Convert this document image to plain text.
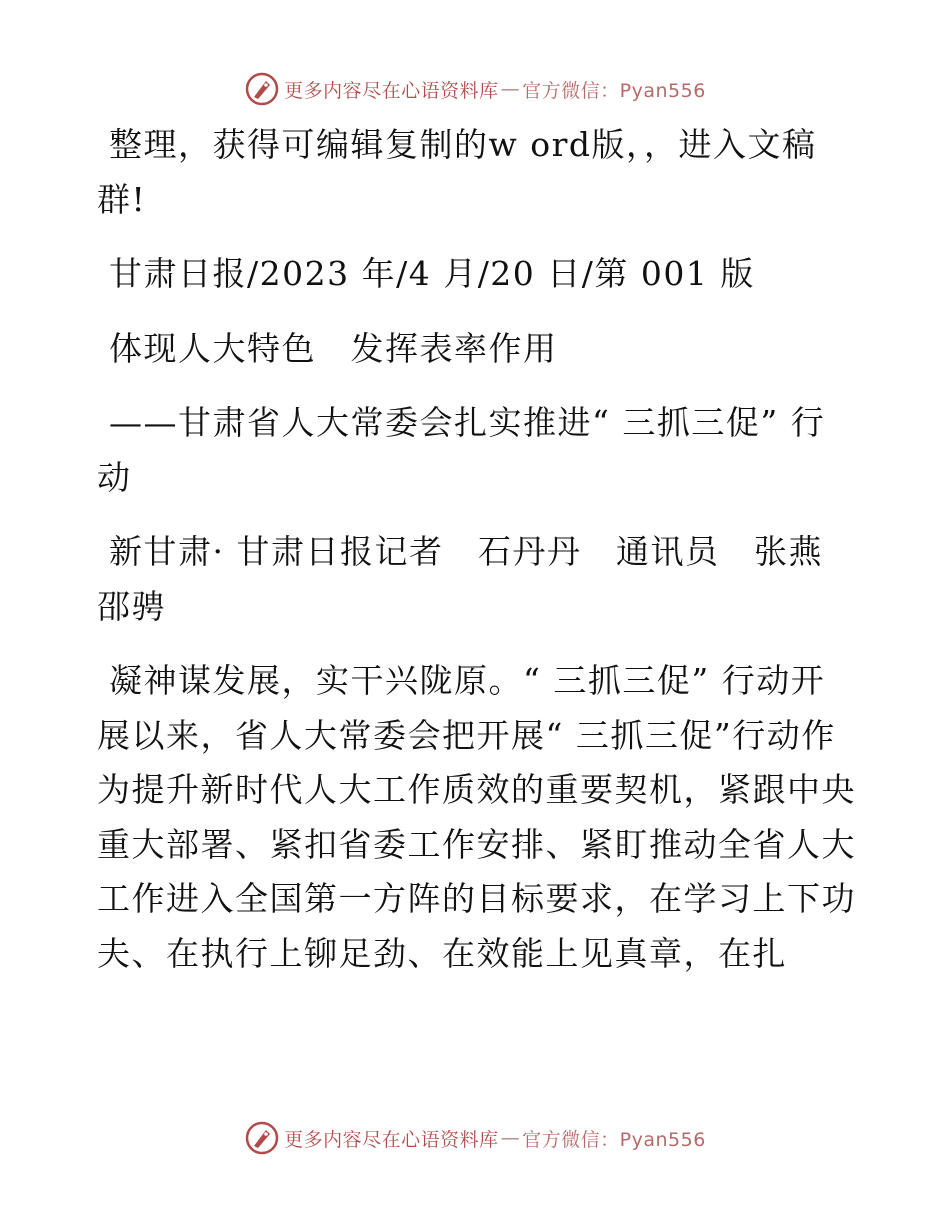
更多内容尽在心语资料库 — 官方微信：Pyan556

整理，获得可编辑复制的w ord版，，进入文稿群!

甘肃日报/2023 年/4 月/20 日/第 001 版

体现人大特色　发挥表率作用

——甘肃省人大常委会扎实推进“ 三抓三促” 行动

新甘肃· 甘肃日报记者　石丹丹　通讯员　张燕　邵骋

凝神谋发展，实干兴陇原。“ 三抓三促” 行动开展以来，省人大常委会把开展“ 三抓三促”行动作为提升新时代人大工作质效的重要契机，紧跟中央重大部署、紧扣省委工作安排、紧盯推动全省人大工作进入全国第一方阵的目标要求，在学习上下功夫、在执行上铆足劲、在效能上见真章，在扎

更多内容尽在心语资料库 — 官方微信：Pyan556
